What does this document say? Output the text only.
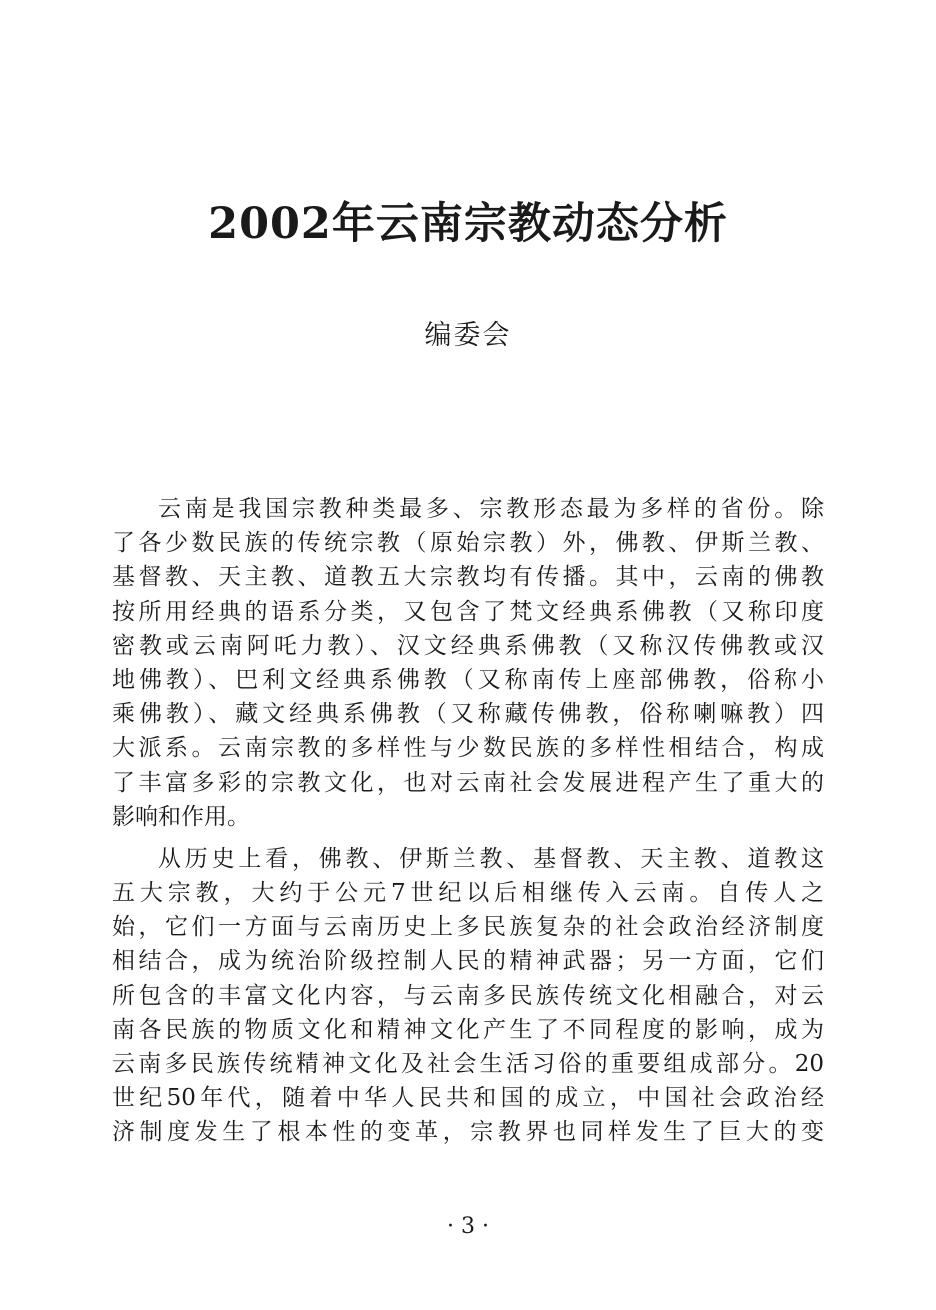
2002年云南宗教动态分析
编委会
云南是我国宗教种类最多、宗教形态最为多样的省份。除
了各少数民族的传统宗教（原始宗教）外，佛教、伊斯兰教、
基督教、天主教、道教五大宗教均有传播。其中，云南的佛教
按所用经典的语系分类，又包含了梵文经典系佛教（又称印度
密教或云南阿吒力教）、汉文经典系佛教（又称汉传佛教或汉
地佛教）、巴利文经典系佛教（又称南传上座部佛教，俗称小
乘佛教）、藏文经典系佛教（又称藏传佛教，俗称喇嘛教）四
大派系。云南宗教的多样性与少数民族的多样性相结合，构成
了丰富多彩的宗教文化，也对云南社会发展进程产生了重大的
影响和作用。
从历史上看，佛教、伊斯兰教、基督教、天主教、道教这
五大宗教，大约于公元7世纪以后相继传入云南。自传人之
始，它们一方面与云南历史上多民族复杂的社会政治经济制度
相结合，成为统治阶级控制人民的精神武器；另一方面，它们
所包含的丰富文化内容，与云南多民族传统文化相融合，对云
南各民族的物质文化和精神文化产生了不同程度的影响，成为
云南多民族传统精神文化及社会生活习俗的重要组成部分。20
世纪50年代，随着中华人民共和国的成立，中国社会政治经
济制度发生了根本性的变革，宗教界也同样发生了巨大的变
· 3 ·
